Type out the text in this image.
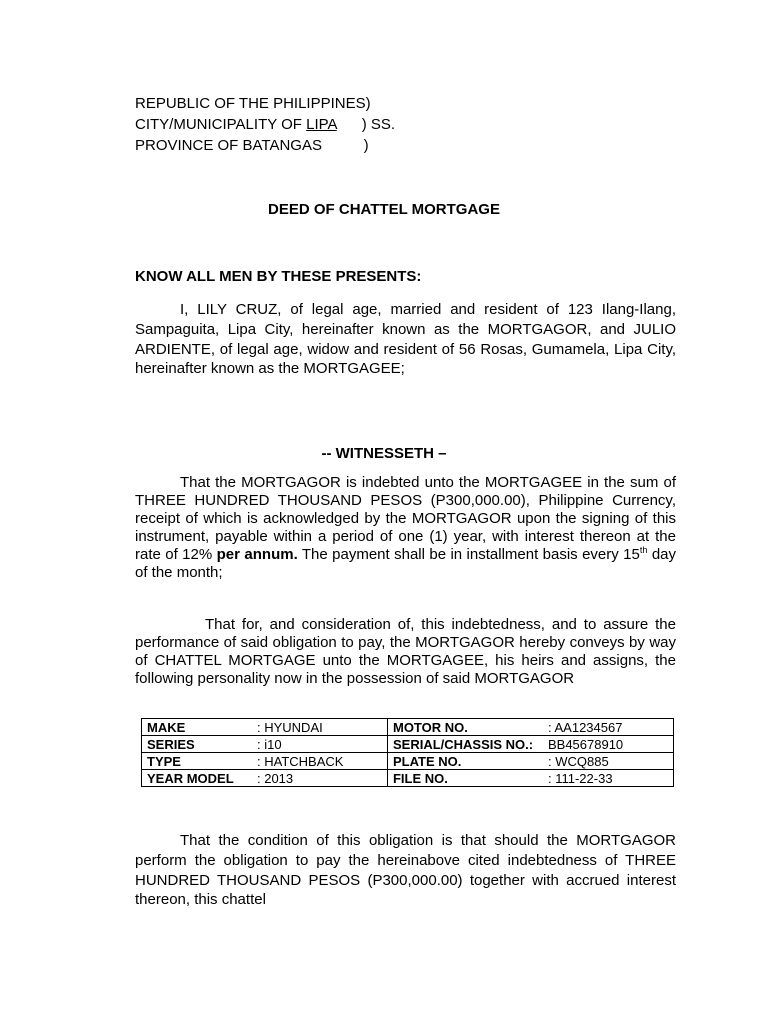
REPUBLIC OF THE PHILIPPINES)
CITY/MUNICIPALITY OF LIPA      ) SS.
PROVINCE OF BATANGAS          )
DEED OF CHATTEL MORTGAGE
KNOW ALL MEN BY THESE PRESENTS:

I, LILY CRUZ, of legal age, married and resident of 123 Ilang-Ilang, Sampaguita, Lipa City, hereinafter known as the MORTGAGOR, and JULIO ARDIENTE, of legal age, widow and resident of 56 Rosas, Gumamela, Lipa City, hereinafter known as the MORTGAGEE;

-- WITNESSETH –

That the MORTGAGOR is indebted unto the MORTGAGEE in the sum of THREE HUNDRED THOUSAND PESOS (P300,000.00), Philippine Currency, receipt of which is acknowledged by the MORTGAGOR upon the signing of this instrument, payable within a period of one (1) year, with interest thereon at the rate of 12% per annum. The payment shall be in installment basis every 15th day of the month;

That for, and consideration of, this indebtedness, and to assure the performance of said obligation to pay, the MORTGAGOR hereby conveys by way of CHATTEL MORTGAGE unto the MORTGAGEE, his heirs and assigns, the following personality now in the possession of said MORTGAGOR

MAKE : HYUNDAI	MOTOR NO. : AA1234567
SERIES : i10	SERIAL/CHASSIS NO.: BB45678910
TYPE : HATCHBACK	PLATE NO. : WCQ885
YEAR MODEL : 2013	FILE NO. : 111-22-33

That the condition of this obligation is that should the MORTGAGOR perform the obligation to pay the hereinabove cited indebtedness of THREE HUNDRED THOUSAND PESOS (P300,000.00) together with accrued interest thereon, this chattel
